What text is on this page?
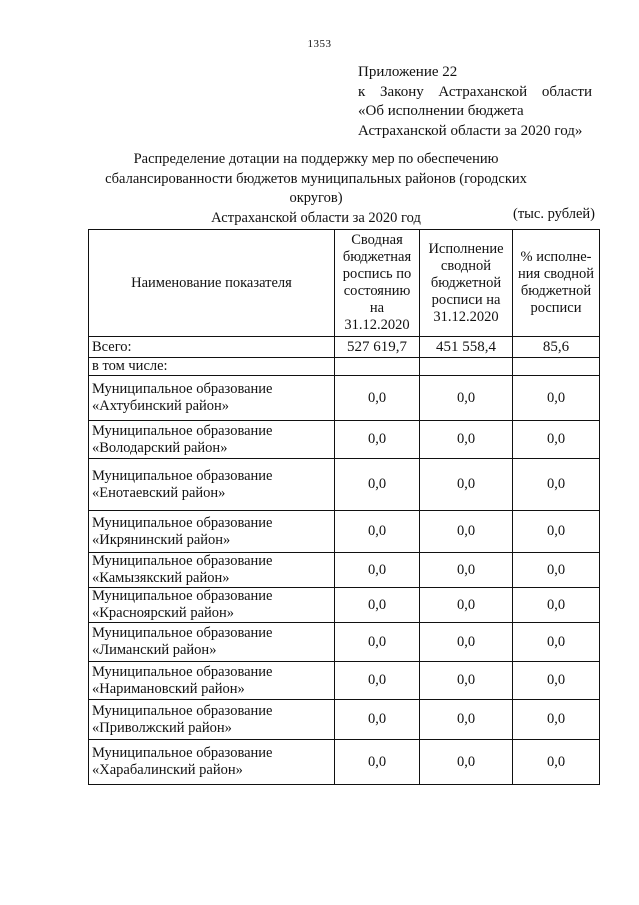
1353
Приложение 22
к Закону Астраханской области
«Об исполнении бюджета
Астраханской области за 2020 год»
Распределение дотации на поддержку мер по обеспечению
сбалансированности бюджетов муниципальных районов (городских округов)
Астраханской области за 2020 год	(тыс. рублей)
Наименование показателя	Сводная бюджетная роспись по состоянию на 31.12.2020	Исполнение сводной бюджетной росписи на 31.12.2020	% исполне-ния сводной бюджетной росписи
Всего:	527 619,7	451 558,4	85,6
в том числе:			

Муниципальное образование
«Ахтубинский район»	0,0	0,0	0,0

Муниципальное образование
«Володарский район»	0,0	0,0	0,0

Муниципальное образование
«Енотаевский район»	0,0	0,0	0,0

Муниципальное образование
«Икрянинский район»	0,0	0,0	0,0

Муниципальное образование
«Камызякский район»	0,0	0,0	0,0

Муниципальное образование
«Красноярский район»	0,0	0,0	0,0

Муниципальное образование
«Лиманский район»	0,0	0,0	0,0

Муниципальное образование
«Наримановский район»	0,0	0,0	0,0

Муниципальное образование
«Приволжский район»	0,0	0,0	0,0

Муниципальное образование
«Харабалинский район»	0,0	0,0	0,0
